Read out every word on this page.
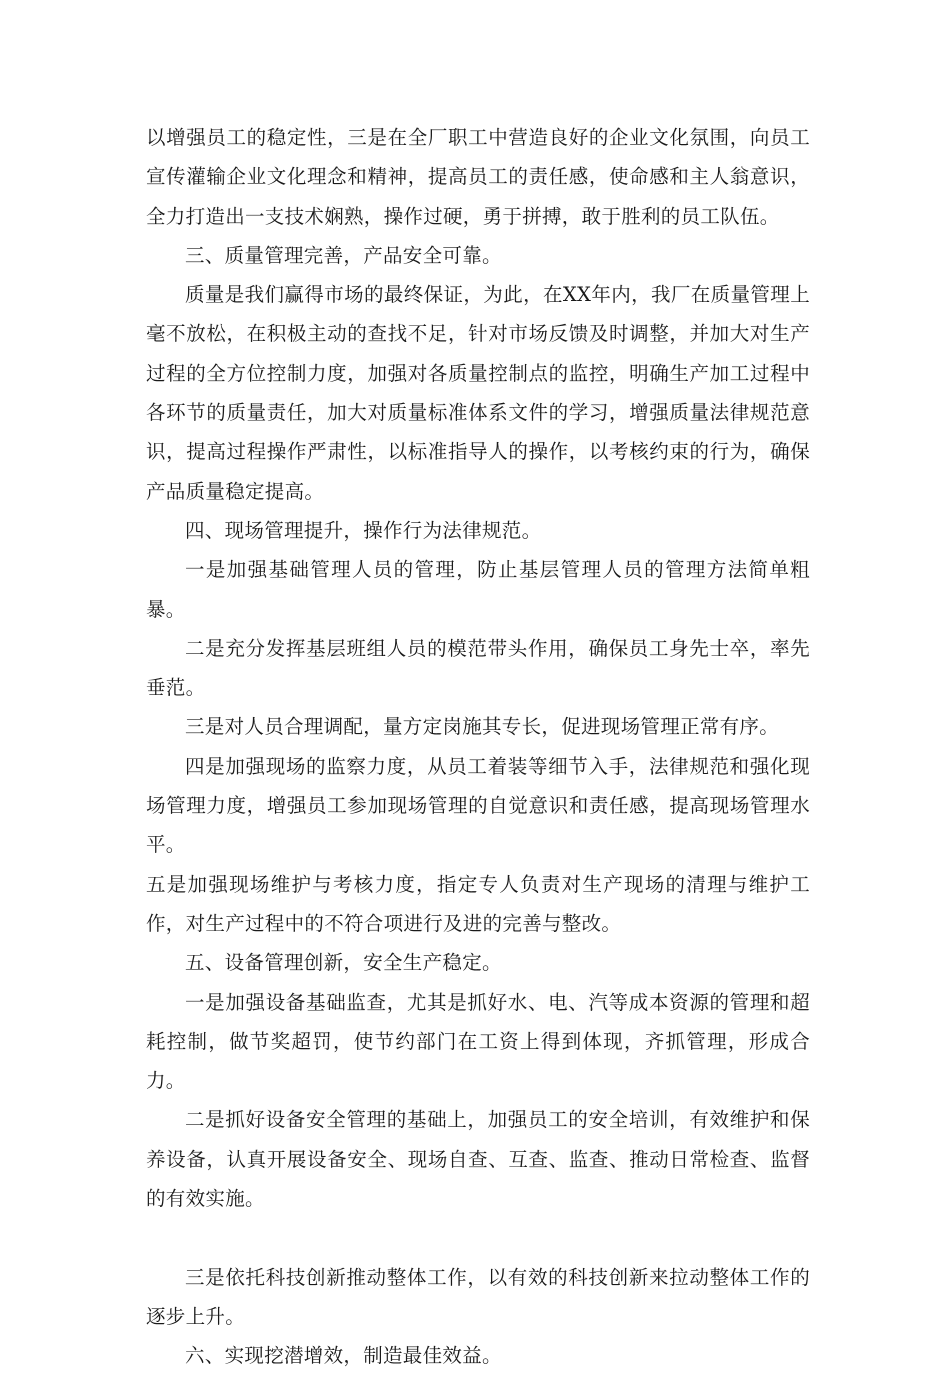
以增强员工的稳定性，三是在全厂职工中营造良好的企业文化氛围，向员工宣传灌输企业文化理念和精神，提高员工的责任感，使命感和主人翁意识，全力打造出一支技术娴熟，操作过硬，勇于拼搏，敢于胜利的员工队伍。

三、质量管理完善，产品安全可靠。

质量是我们赢得市场的最终保证，为此，在XX年内，我厂在质量管理上毫不放松，在积极主动的查找不足，针对市场反馈及时调整，并加大对生产过程的全方位控制力度，加强对各质量控制点的监控，明确生产加工过程中各环节的质量责任，加大对质量标准体系文件的学习，增强质量法律规范意识，提高过程操作严肃性，以标准指导人的操作，以考核约束的行为，确保产品质量稳定提高。

四、现场管理提升，操作行为法律规范。

一是加强基础管理人员的管理，防止基层管理人员的管理方法简单粗暴。

二是充分发挥基层班组人员的模范带头作用，确保员工身先士卒，率先垂范。

三是对人员合理调配，量方定岗施其专长，促进现场管理正常有序。

四是加强现场的监察力度，从员工着装等细节入手，法律规范和强化现场管理力度，增强员工参加现场管理的自觉意识和责任感，提高现场管理水平。

五是加强现场维护与考核力度，指定专人负责对生产现场的清理与维护工作，对生产过程中的不符合项进行及进的完善与整改。

五、设备管理创新，安全生产稳定。

一是加强设备基础监查，尤其是抓好水、电、汽等成本资源的管理和超耗控制，做节奖超罚，使节约部门在工资上得到体现，齐抓管理，形成合力。

二是抓好设备安全管理的基础上，加强员工的安全培训，有效维护和保养设备，认真开展设备安全、现场自查、互查、监查、推动日常检查、监督的有效实施。

三是依托科技创新推动整体工作，以有效的科技创新来拉动整体工作的逐步上升。

六、实现挖潜增效，制造最佳效益。
